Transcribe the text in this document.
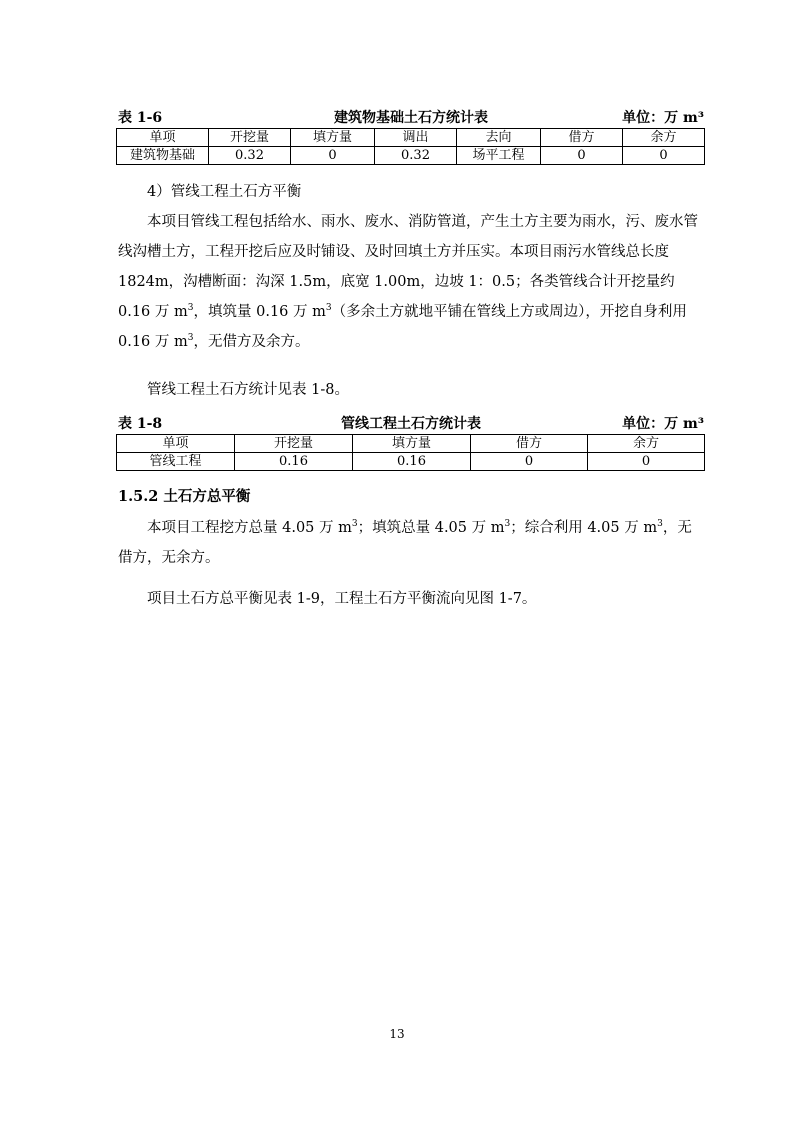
表 1-6	建筑物基础土石方统计表	单位：万 m³
单项	开挖量	填方量	调出	去向	借方	余方
建筑物基础	0.32	0	0.32	场平工程	0	0

4）管线工程土石方平衡

本项目管线工程包括给水、雨水、废水、消防管道，产生土方主要为雨水，污、废水管线沟槽土方，工程开挖后应及时铺设、及时回填土方并压实。本项目雨污水管线总长度 1824m，沟槽断面：沟深 1.5m，底宽 1.00m，边坡 1：0.5；各类管线合计开挖量约 0.16 万 $m^3$，填筑量 0.16 万 $m^3$（多余土方就地平铺在管线上方或周边），开挖自身利用 0.16 万 $m^3$，无借方及余方。

管线工程土石方统计见表 1-8。

表 1-8	管线工程土石方统计表	单位：万 m³
单项	开挖量	填方量	借方	余方
管线工程	0.16	0.16	0	0
1.5.2 土石方总平衡

本项目工程挖方总量 4.05 万 $m^3$；填筑总量 4.05 万 $m^3$；综合利用 4.05 万 $m^3$，无借方，无余方。

项目土石方总平衡见表 1-9，工程土石方平衡流向见图 1-7。

13
